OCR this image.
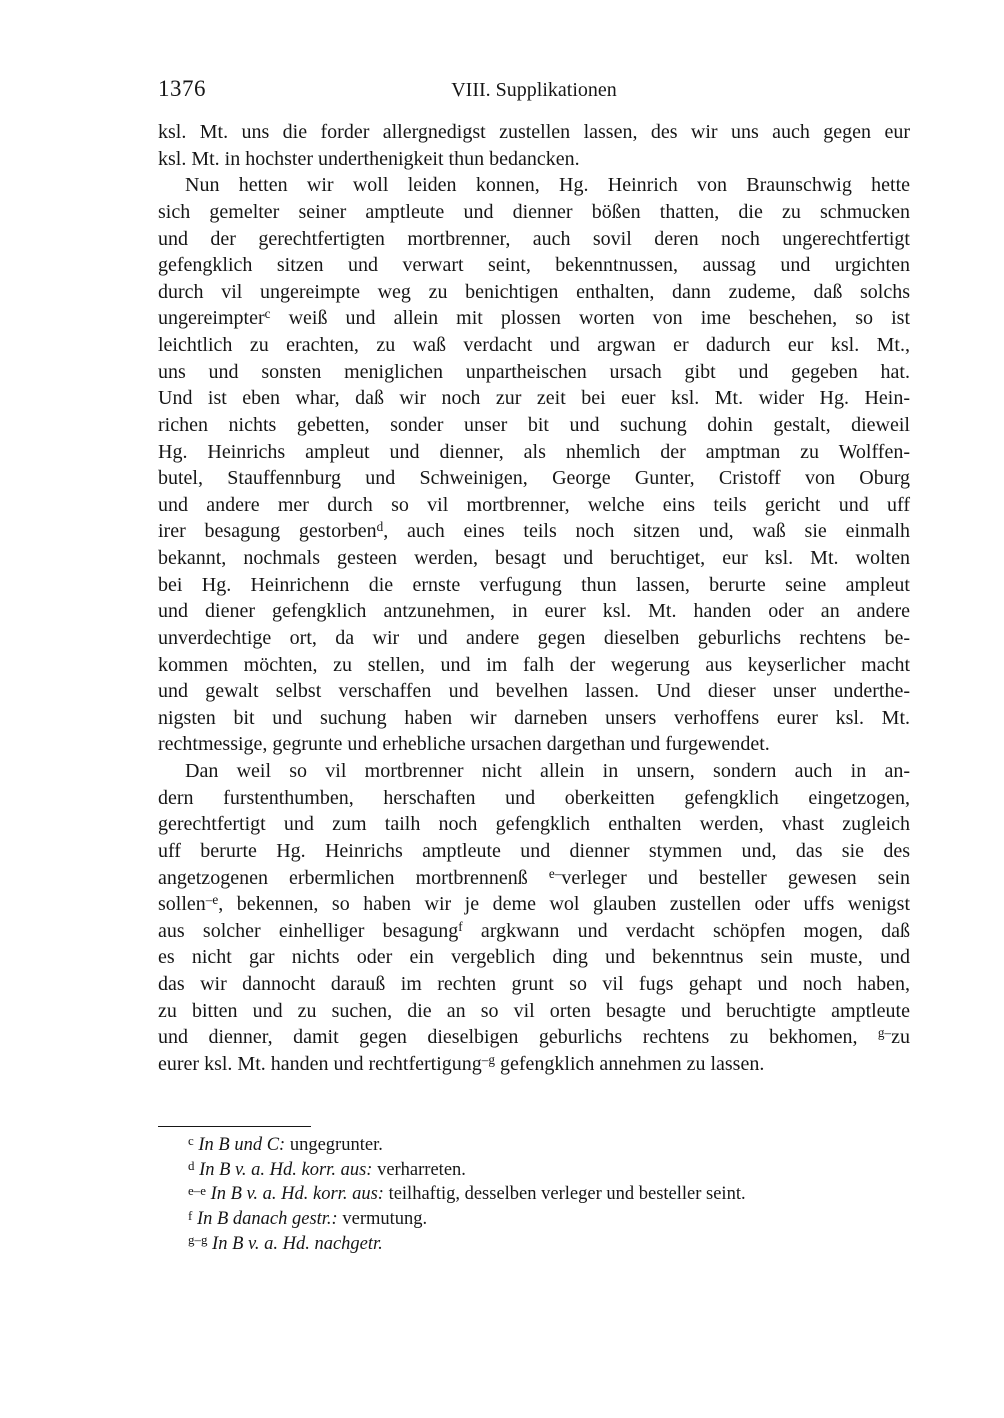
1376	VIII. Supplikationen
ksl. Mt. uns die forder allergnedigst zustellen lassen, des wir uns auch gegen eur
ksl. Mt. in hochster underthenigkeit thun bedancken.
Nun hetten wir woll leiden konnen, Hg. Heinrich von Braunschwig hette
sich gemelter seiner amptleute und dienner bößen thatten, die zu schmucken
und der gerechtfertigten mortbrenner, auch sovil deren noch ungerechtfertigt
gefengklich sitzen und verwart seint, bekenntnussen, aussag und urgichten
durch vil ungereimpte weg zu benichtigen enthalten, dann zudeme, daß solchs
ungereimpter$^c$ weiß und allein mit plossen worten von ime beschehen, so ist
leichtlich zu erachten, zu waß verdacht und argwan er dadurch eur ksl. Mt.,
uns und sonsten meniglichen unpartheischen ursach gibt und gegeben hat.
Und ist eben whar, daß wir noch zur zeit bei euer ksl. Mt. wider Hg. Hein-
richen nichts gebetten, sonder unser bit und suchung dohin gestalt, dieweil
Hg. Heinrichs ampleut und dienner, als nhemlich der amptman zu Wolffen-
butel, Stauffennburg und Schweinigen, George Gunter, Cristoff von Oburg
und andere mer durch so vil mortbrenner, welche eins teils gericht und uff
irer besagung gestorben$^d$, auch eines teils noch sitzen und, waß sie einmalh
bekannt, nochmals gesteen werden, besagt und beruchtiget, eur ksl. Mt. wolten
bei Hg. Heinrichenn die ernste verfugung thun lassen, berurte seine ampleut
und diener gefengklich antzunehmen, in eurer ksl. Mt. handen oder an andere
unverdechtige ort, da wir und andere gegen dieselben geburlichs rechtens be-
kommen möchten, zu stellen, und im falh der wegerung aus keyserlicher macht
und gewalt selbst verschaffen und bevelhen lassen. Und dieser unser underthe-
nigsten bit und suchung haben wir darneben unsers verhoffens eurer ksl. Mt.
rechtmessige, gegrunte und erhebliche ursachen dargethan und furgewendet.
Dan weil so vil mortbrenner nicht allein in unsern, sondern auch in an-
dern furstenthumben, herschaften und oberkeitten gefengklich eingetzogen,
gerechtfertigt und zum tailh noch gefengklich enthalten werden, vhast zugleich
uff berurte Hg. Heinrichs amptleute und dienner stymmen und, das sie des
angetzogenen erbermlichen mortbrennenß $^{e-}$verleger und besteller gewesen sein
sollen$^{-e}$, bekennen, so haben wir je deme wol glauben zustellen oder uffs wenigst
aus solcher einhelliger besagung$^f$ argkwann und verdacht schöpfen mogen, daß
es nicht gar nichts oder ein vergeblich ding und bekenntnus sein muste, und
das wir dannocht darauß im rechten grunt so vil fugs gehapt und noch haben,
zu bitten und zu suchen, die an so vil orten besagte und beruchtigte amptleute
und dienner, damit gegen dieselbigen geburlichs rechtens zu bekhomen, $^{g-}$zu
eurer ksl. Mt. handen und rechtfertigung$^{-g}$ gefengklich annehmen zu lassen.
$^c$ In B und C: ungegrunter.
$^d$ In B v. a. Hd. korr. aus: verharreten.
$^{e-e}$ In B v. a. Hd. korr. aus: teilhaftig, desselben verleger und besteller seint.
$^f$ In B danach gestr.: vermutung.
$^{g-g}$ In B v. a. Hd. nachgetr.
